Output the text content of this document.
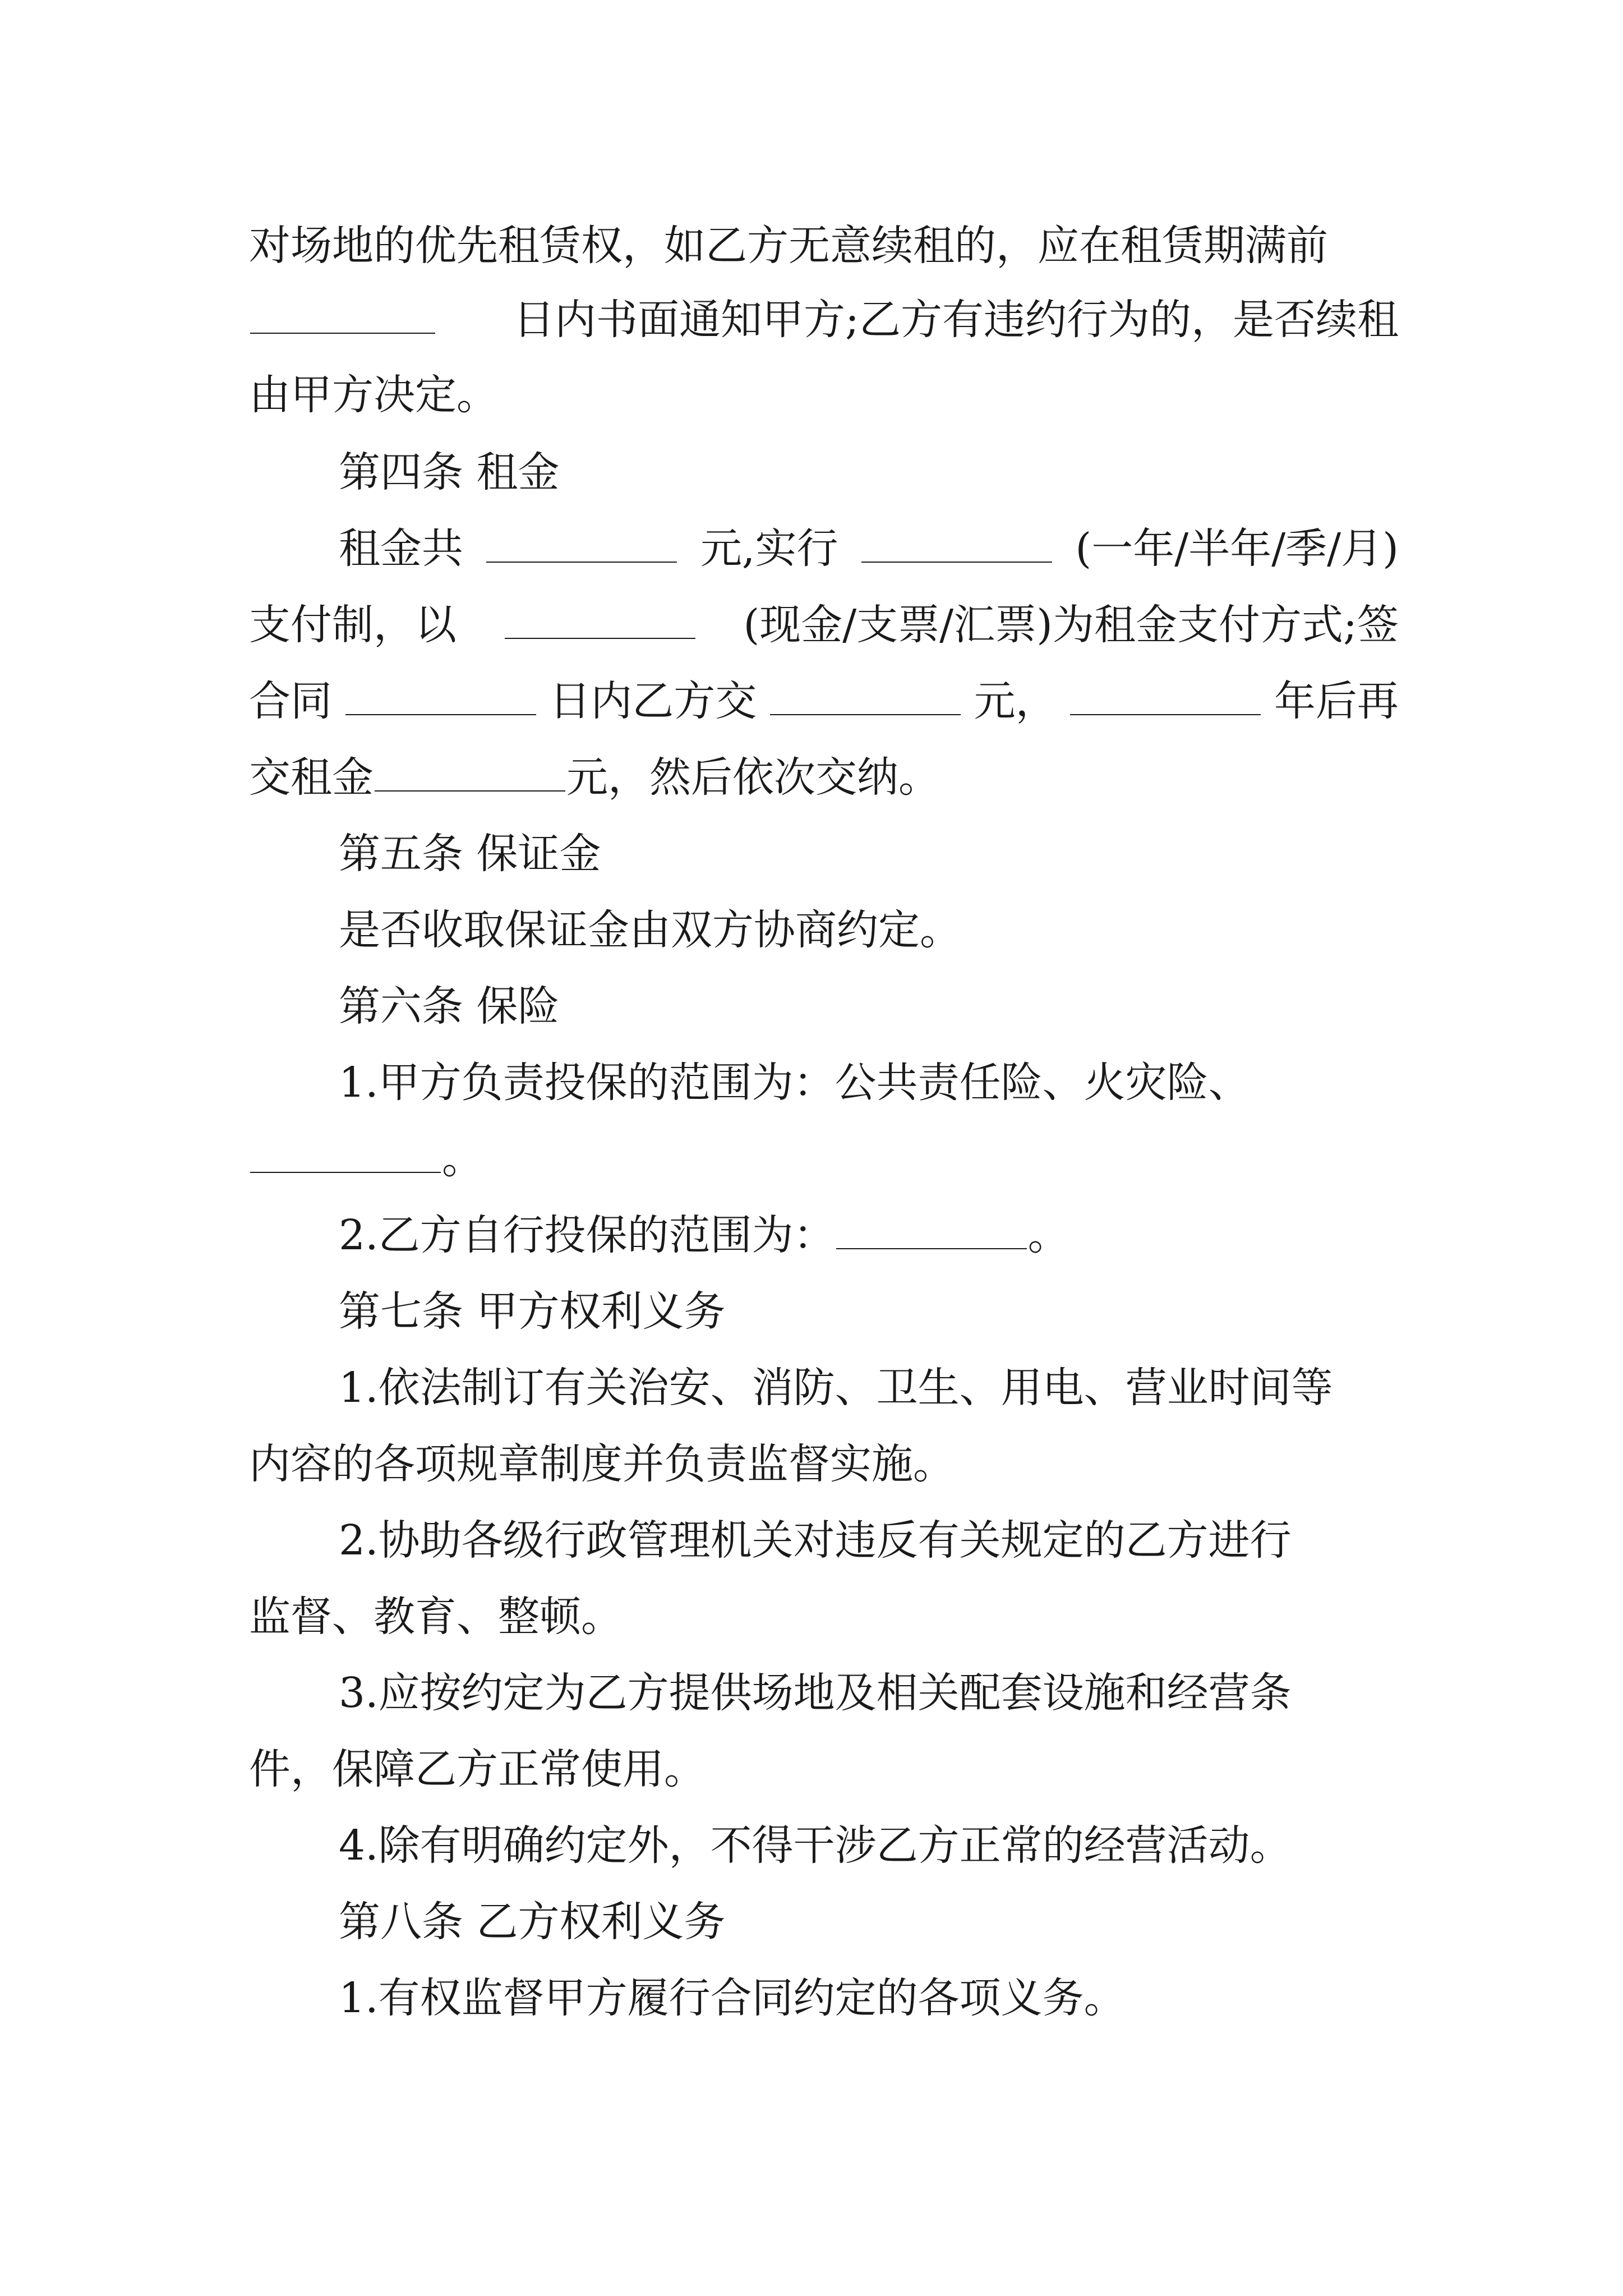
对场地的优先租赁权，如乙方无意续租的，应在租赁期满前
日内书面通知甲方;乙方有违约行为的，是否续租
由甲方决定。
第四条 租金
租金共	元,实行	(一年/半年/季/月)
支付制，以	(现金/支票/汇票)为租金支付方式;签
合同	日内乙方交	元，	年后再
交租金	元，然后依次交纳。
第五条 保证金
是否收取保证金由双方协商约定。
第六条 保险
1.甲方负责投保的范围为：公共责任险、火灾险、
。
2.乙方自行投保的范围为：	。
第七条 甲方权利义务
1.依法制订有关治安、消防、卫生、用电、营业时间等
内容的各项规章制度并负责监督实施。
2.协助各级行政管理机关对违反有关规定的乙方进行
监督、教育、整顿。
3.应按约定为乙方提供场地及相关配套设施和经营条
件，保障乙方正常使用。
4.除有明确约定外，不得干涉乙方正常的经营活动。
第八条 乙方权利义务
1.有权监督甲方履行合同约定的各项义务。
